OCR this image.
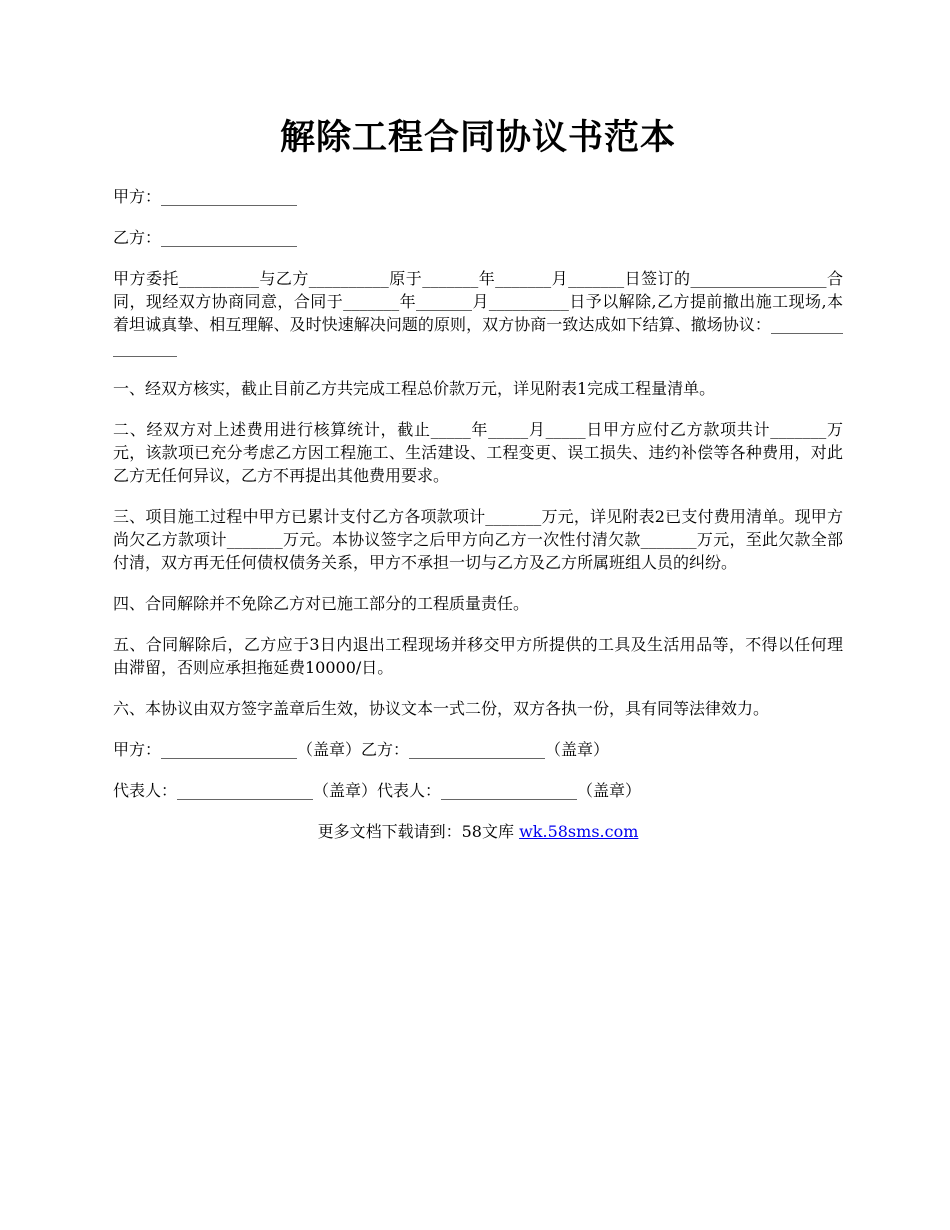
解除工程合同协议书范本

甲方：_________________

乙方：_________________

甲方委托__________与乙方__________原于_______年_______月_______日签订的_________________合同，现经双方协商同意，合同于_______年_______月__________日予以解除,乙方提前撤出施工现场,本着坦诚真挚、相互理解、及时快速解决问题的原则，双方协商一致达成如下结算、撤场协议：_________________

一、经双方核实，截止目前乙方共完成工程总价款万元，详见附表1完成工程量清单。

二、经双方对上述费用进行核算统计，截止_____年_____月_____日甲方应付乙方款项共计_______万元，该款项已充分考虑乙方因工程施工、生活建设、工程变更、误工损失、违约补偿等各种费用，对此乙方无任何异议，乙方不再提出其他费用要求。

三、项目施工过程中甲方已累计支付乙方各项款项计_______万元，详见附表2已支付费用清单。现甲方尚欠乙方款项计_______万元。本协议签字之后甲方向乙方一次性付清欠款_______万元，至此欠款全部付清，双方再无任何债权债务关系，甲方不承担一切与乙方及乙方所属班组人员的纠纷。

四、合同解除并不免除乙方对已施工部分的工程质量责任。

五、合同解除后，乙方应于3日内退出工程现场并移交甲方所提供的工具及生活用品等，不得以任何理由滞留，否则应承担拖延费10000/日。

六、本协议由双方签字盖章后生效，协议文本一式二份，双方各执一份，具有同等法律效力。

甲方：_________________（盖章）乙方：_________________（盖章）

代表人：_________________（盖章）代表人：_________________（盖章）

更多文档下载请到：58文库 wk.58sms.com
